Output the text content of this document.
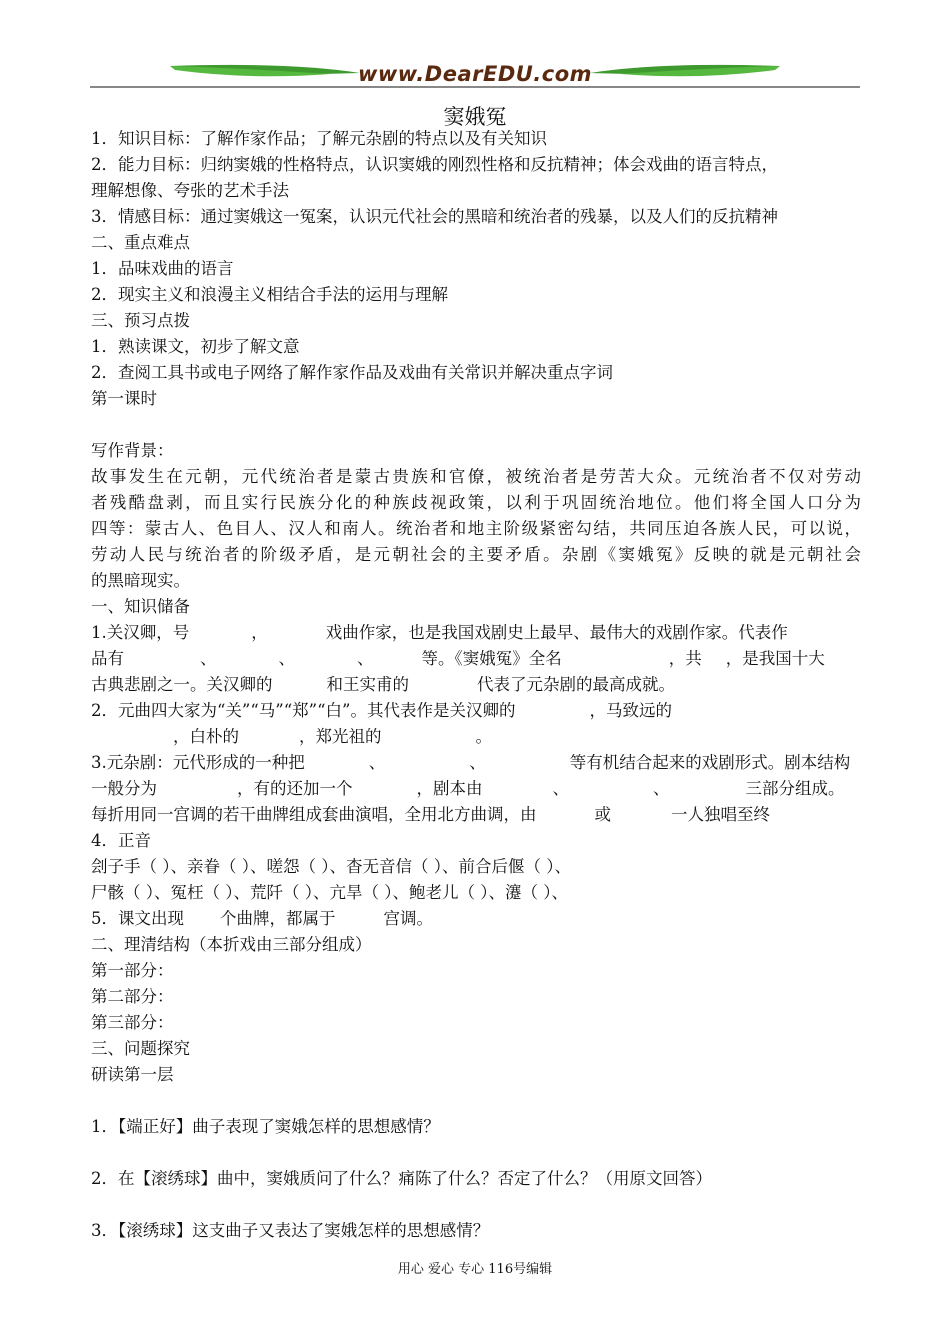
www.DearEDU.com
窦娥冤
1．知识目标：了解作家作品；了解元杂剧的特点以及有关知识
2．能力目标：归纳窦娥的性格特点，认识窦娥的刚烈性格和反抗精神；体会戏曲的语言特点，
理解想像、夸张的艺术手法
3．情感目标：通过窦娥这一冤案，认识元代社会的黑暗和统治者的残暴，以及人们的反抗精神
二、重点难点
1．品味戏曲的语言
2．现实主义和浪漫主义相结合手法的运用与理解
三、预习点拨
1．熟读课文，初步了解文意
2．查阅工具书或电子网络了解作家作品及戏曲有关常识并解决重点字词
第一课时
写作背景：
故事发生在元朝，元代统治者是蒙古贵族和官僚，被统治者是劳苦大众。元统治者不仅对劳动
者残酷盘剥，而且实行民族分化的种族歧视政策，以利于巩固统治地位。他们将全国人口分为
四等：蒙古人、色目人、汉人和南人。统治者和地主阶级紧密勾结，共同压迫各族人民，可以说，
劳动人民与统治者的阶级矛盾，是元朝社会的主要矛盾。杂剧《窦娥冤》反映的就是元朝社会
的黑暗现实。
一、知识储备
1.关汉卿，号	，	戏曲作家，也是我国戏剧史上最早、最伟大的戏剧作家。代表作
品有	、	、	、	等。《窦娥冤》全名	，共 ，是我国十大
古典悲剧之一。关汉卿的	和王实甫的	代表了元杂剧的最高成就。
2．元曲四大家为“关”“马”“郑”“白”。其代表作是关汉卿的	，马致远的
，白朴的	，郑光祖的	。
3.元杂剧：元代形成的一种把	、	、	等有机结合起来的戏剧形式。剧本结构
一般分为	，有的还加一个	，剧本由	、	、	三部分组成。
每折用同一宫调的若干曲牌组成套曲演唱，全用北方曲调，由	或	一人独唱至终
4．正音
刽子手（ ）、亲眷（ ）、嗟怨（ ）、杳无音信（ ）、前合后偃（ ）、
尸骸（ ）、冤枉（ ）、荒阡（ ）、亢旱（ ）、鲍老儿（ ）、瀽（ ）、
5．课文出现 个曲牌，都属于	宫调。
二、理清结构（本折戏由三部分组成）
第一部分：
第二部分：
第三部分：
三、问题探究
研读第一层
1．【端正好】曲子表现了窦娥怎样的思想感情？
2．在【滚绣球】曲中，窦娥质问了什么？痛陈了什么？否定了什么？（用原文回答）
3．【滚绣球】这支曲子又表达了窦娥怎样的思想感情？
用心 爱心 专心 116号编辑
